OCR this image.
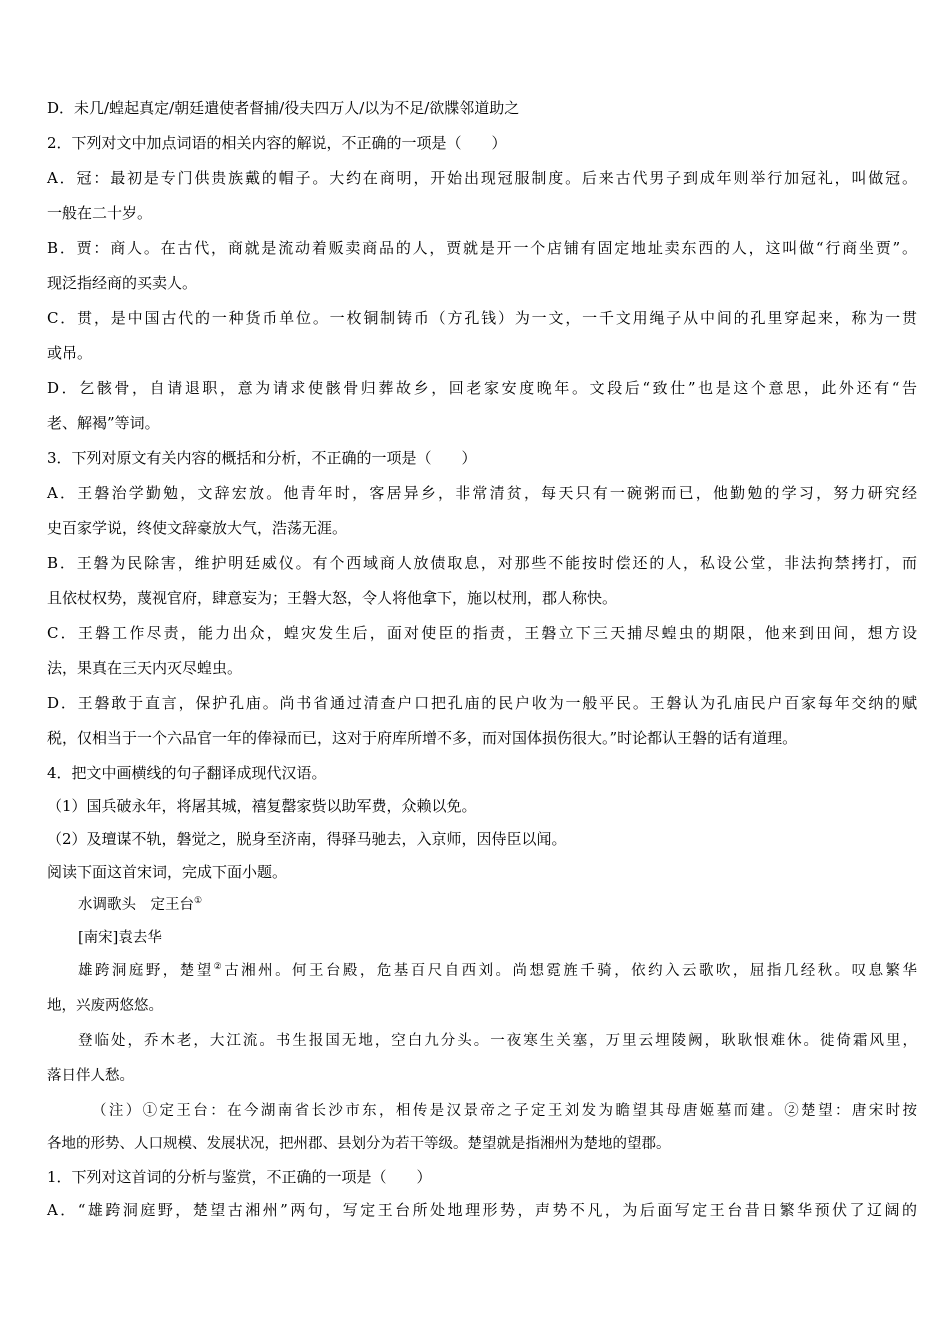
D．未几/蝗起真定/朝廷遣使者督捕/役夫四万人/以为不足/欲牒邻道助之
2．下列对文中加点词语的相关内容的解说，不正确的一项是（　　）
A．冠：最初是专门供贵族戴的帽子。大约在商明，开始出现冠服制度。后来古代男子到成年则举行加冠礼，叫做冠。
一般在二十岁。
B．贾：商人。在古代，商就是流动着贩卖商品的人，贾就是开一个店铺有固定地址卖东西的人，这叫做“行商坐贾”。
现泛指经商的买卖人。
C．贯，是中国古代的一种货币单位。一枚铜制铸币（方孔钱）为一文，一千文用绳子从中间的孔里穿起来，称为一贯
或吊。
D．乞骸骨，自请退职，意为请求使骸骨归葬故乡，回老家安度晚年。文段后“致仕”也是这个意思，此外还有“告
老、解褐”等词。
3．下列对原文有关内容的概括和分析，不正确的一项是（　　）
A．王磐治学勤勉，文辞宏放。他青年时，客居异乡，非常清贫，每天只有一碗粥而已，他勤勉的学习，努力研究经
史百家学说，终使文辞豪放大气，浩荡无涯。
B．王磐为民除害，维护明廷威仪。有个西域商人放债取息，对那些不能按时偿还的人，私设公堂，非法拘禁拷打，而
且依杖权势，蔑视官府，肆意妄为；王磐大怒，令人将他拿下，施以杖刑，郡人称快。
C．王磐工作尽责，能力出众，蝗灾发生后，面对使臣的指责，王磐立下三天捕尽蝗虫的期限，他来到田间，想方设
法，果真在三天内灭尽蝗虫。
D．王磐敢于直言，保护孔庙。尚书省通过清查户口把孔庙的民户收为一般平民。王磐认为孔庙民户百家每年交纳的赋
税，仅相当于一个六品官一年的俸禄而已，这对于府库所增不多，而对国体损伤很大。”时论都认王磐的话有道理。
4．把文中画横线的句子翻译成现代汉语。
（1）国兵破永年，将屠其城，禧复罄家赀以助军费，众赖以免。
（2）及璮谋不轨，磐觉之，脱身至济南，得驿马驰去，入京师，因侍臣以闻。
阅读下面这首宋词，完成下面小题。
水调歌头　定王台①
[南宋]袁去华
雄跨洞庭野，楚望②古湘州。何王台殿，危基百尺自西刘。尚想霓旌千骑，依约入云歌吹，屈指几经秋。叹息繁华
地，兴废两悠悠。
登临处，乔木老，大江流。书生报国无地，空白九分头。一夜寒生关塞，万里云埋陵阙，耿耿恨难休。徙倚霜风里，
落日伴人愁。
（注）①定王台：在今湖南省长沙市东，相传是汉景帝之子定王刘发为瞻望其母唐姬墓而建。②楚望：唐宋时按
各地的形势、人口规模、发展状况，把州郡、县划分为若干等级。楚望就是指湘州为楚地的望郡。
1．下列对这首词的分析与鉴赏，不正确的一项是（　　）
A．“雄跨洞庭野，楚望古湘州”两句，写定王台所处地理形势，声势不凡，为后面写定王台昔日繁华预伏了辽阔的
